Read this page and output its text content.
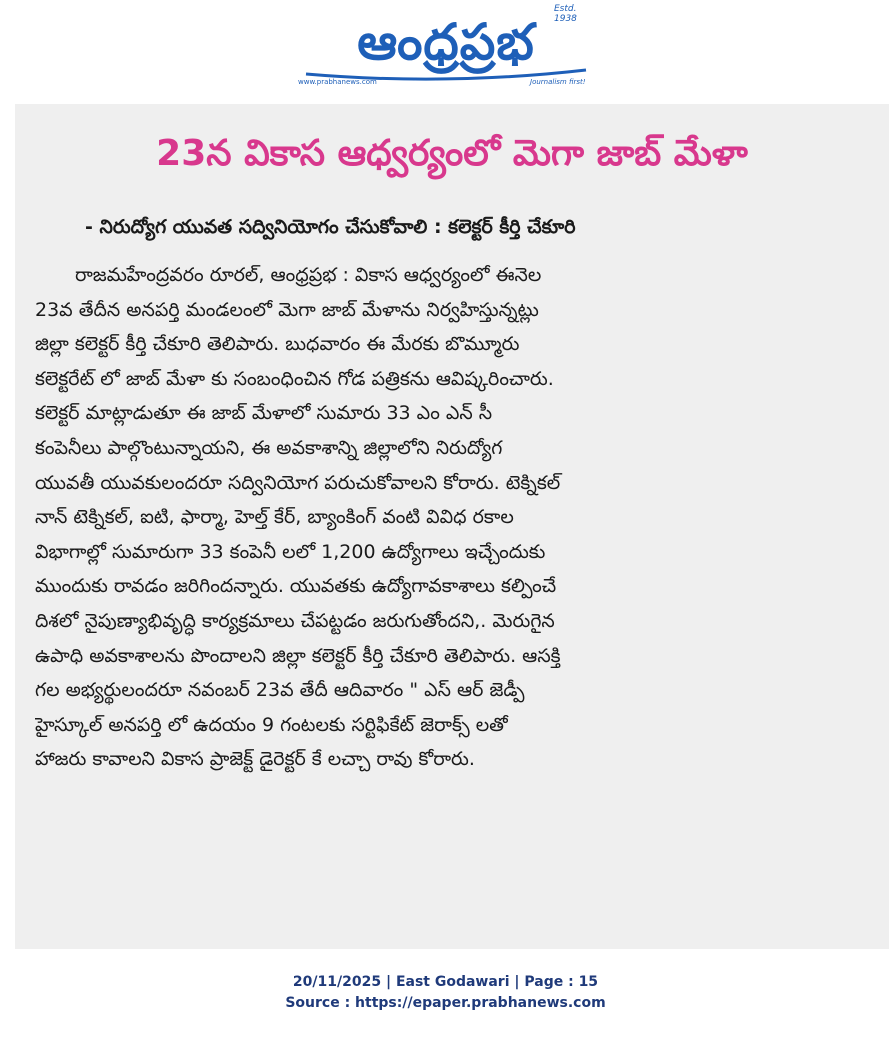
ఆంధ్రప్రభ
Estd. 1938
www.prabhanews.com	Journalism first!
23న వికాస ఆధ్వర్యంలో మెగా జాబ్ మేళా
- నిరుద్యోగ యువత సద్వినియోగం చేసుకోవాలి : కలెక్టర్ కీర్తి చేకూరి
రాజమహేంద్రవరం రూరల్, ఆంధ్రప్రభ : వికాస ఆధ్వర్యంలో ఈనెల
23వ తేదీన అనపర్తి మండలంలో మెగా జాబ్ మేళాను నిర్వహిస్తున్నట్లు
జిల్లా కలెక్టర్ కీర్తి చేకూరి తెలిపారు. బుధవారం ఈ మేరకు బొమ్మూరు
కలెక్టరేట్ లో జాబ్ మేళా కు సంబంధించిన గోడ పత్రికను ఆవిష్కరించారు.
కలెక్టర్ మాట్లాడుతూ ఈ జాబ్ మేళాలో సుమారు 33 ఎం ఎన్ సీ
కంపెనీలు పాల్గొంటున్నాయని, ఈ అవకాశాన్ని జిల్లాలోని నిరుద్యోగ
యువతీ యువకులందరూ సద్వినియోగ పరుచుకోవాలని కోరారు. టెక్నికల్
నాన్ టెక్నికల్, ఐటి, ఫార్మా, హెల్త్ కేర్, బ్యాంకింగ్ వంటి వివిధ రకాల
విభాగాల్లో సుమారుగా 33 కంపెనీ లలో 1,200 ఉద్యోగాలు ఇచ్చేందుకు
ముందుకు రావడం జరిగిందన్నారు. యువతకు ఉద్యోగావకాశాలు కల్పించే
దిశలో నైపుణ్యాభివృద్ధి కార్యక్రమాలు చేపట్టడం జరుగుతోందని,. మెరుగైన
ఉపాధి అవకాశాలను పొందాలని జిల్లా కలెక్టర్ కీర్తి చేకూరి తెలిపారు. ఆసక్తి
గల అభ్యర్థులందరూ నవంబర్ 23వ తేదీ ఆదివారం " ఎస్ ఆర్ జెడ్పీ
హైస్కూల్ అనపర్తి లో ఉదయం 9 గంటలకు సర్టిఫికేట్ జెరాక్స్ లతో
హాజరు కావాలని వికాస ప్రాజెక్ట్ డైరెక్టర్ కే లచ్చా రావు కోరారు.
20/11/2025 | East Godawari | Page : 15
Source : https://epaper.prabhanews.com
